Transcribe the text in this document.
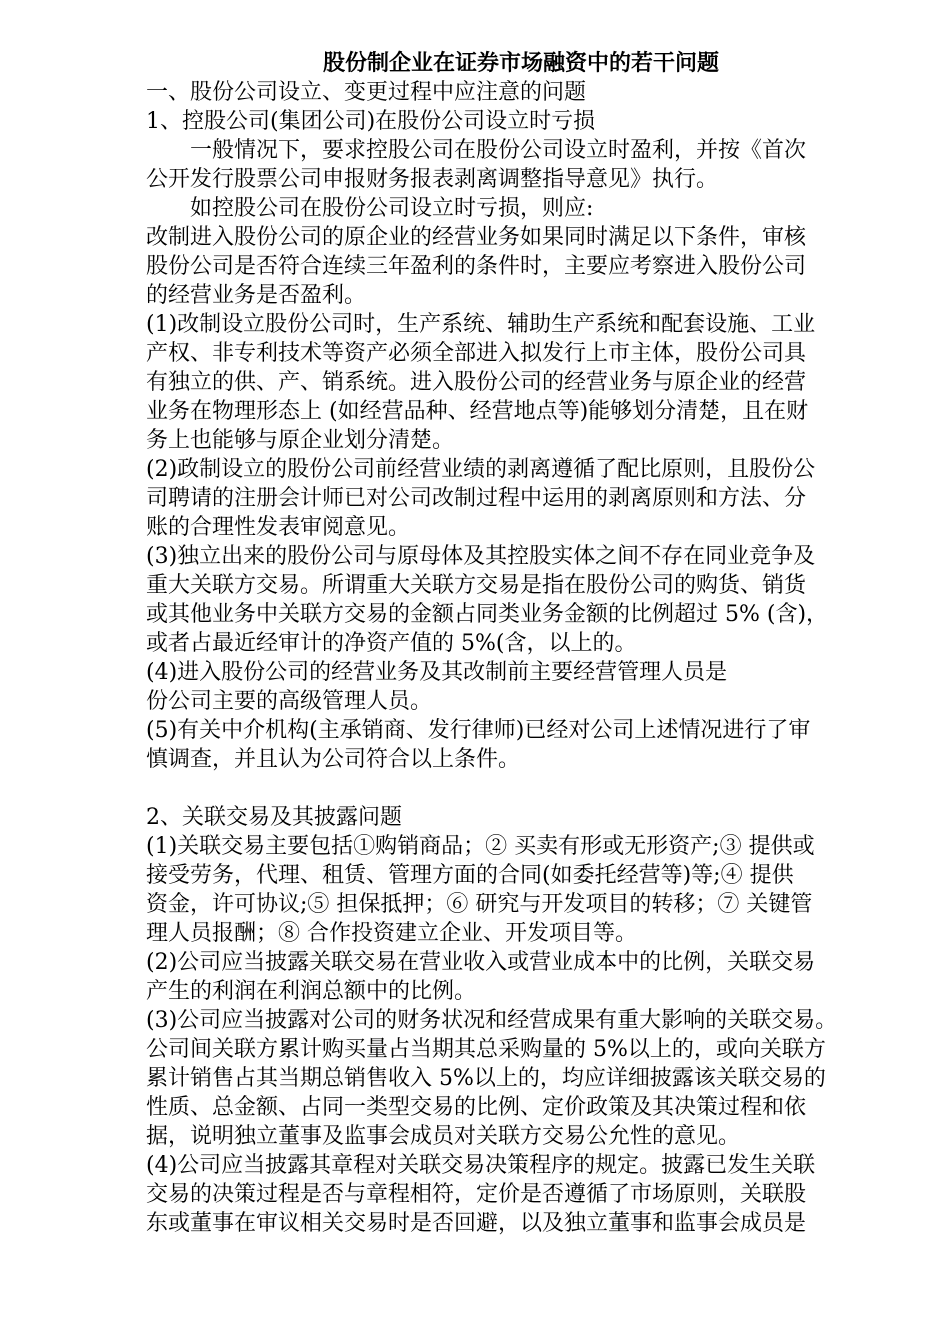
股份制企业在证券市场融资中的若干问题
一、股份公司设立、变更过程中应注意的问题
1、控股公司(集团公司)在股份公司设立时亏损
一般情况下，要求控股公司在股份公司设立时盈利，并按《首次
公开发行股票公司申报财务报表剥离调整指导意见》执行。
如控股公司在股份公司设立时亏损，则应:
改制进入股份公司的原企业的经营业务如果同时满足以下条件，审核
股份公司是否符合连续三年盈利的条件时，主要应考察进入股份公司
的经营业务是否盈利。
(1)改制设立股份公司时，生产系统、辅助生产系统和配套设施、工业
产权、非专利技术等资产必须全部进入拟发行上市主体，股份公司具
有独立的供、产、销系统。进入股份公司的经营业务与原企业的经营
业务在物理形态上 (如经营品种、经营地点等)能够划分清楚，且在财
务上也能够与原企业划分清楚。
(2)政制设立的股份公司前经营业绩的剥离遵循了配比原则，且股份公
司聘请的注册会计师已对公司改制过程中运用的剥离原则和方法、分
账的合理性发表审阅意见。
(3)独立出来的股份公司与原母体及其控股实体之间不存在同业竞争及
重大关联方交易。所谓重大关联方交易是指在股份公司的购货、销货
或其他业务中关联方交易的金额占同类业务金额的比例超过 5% (含)，
或者占最近经审计的净资产值的 5%(含，以上的。
(4)进入股份公司的经营业务及其改制前主要经营管理人员是
份公司主要的高级管理人员。
(5)有关中介机构(主承销商、发行律师)已经对公司上述情况进行了审
慎调查，并且认为公司符合以上条件。
2、关联交易及其披露问题
(1)关联交易主要包括①购销商品；② 买卖有形或无形资产;③ 提供或
接受劳务，代理、租赁、管理方面的合同(如委托经营等)等;④ 提供
资金，许可协议;⑤ 担保抵押；⑥ 研究与开发项目的转移；⑦ 关键管
理人员报酬；⑧ 合作投资建立企业、开发项目等。
(2)公司应当披露关联交易在营业收入或营业成本中的比例，关联交易
产生的利润在利润总额中的比例。
(3)公司应当披露对公司的财务状况和经营成果有重大影响的关联交易。
公司间关联方累计购买量占当期其总采购量的 5%以上的，或向关联方
累计销售占其当期总销售收入 5%以上的，均应详细披露该关联交易的
性质、总金额、占同一类型交易的比例、定价政策及其决策过程和依
据，说明独立董事及监事会成员对关联方交易公允性的意见。
(4)公司应当披露其章程对关联交易决策程序的规定。披露已发生关联
交易的决策过程是否与章程相符，定价是否遵循了市场原则，关联股
东或董事在审议相关交易时是否回避，以及独立董事和监事会成员是
